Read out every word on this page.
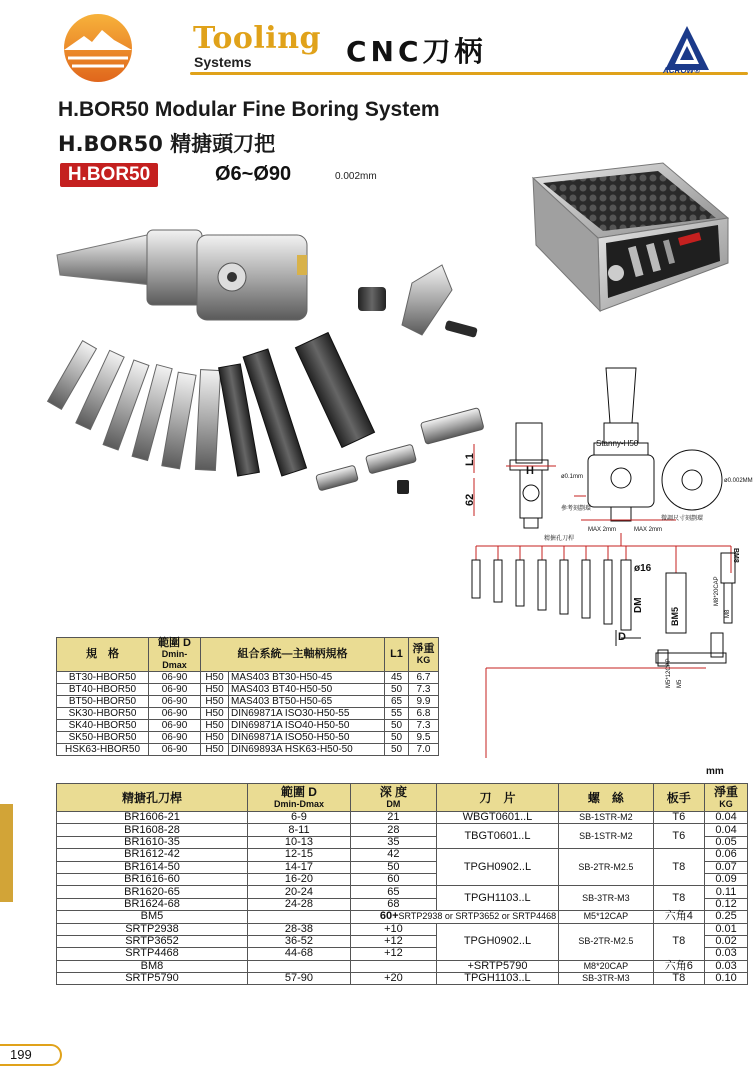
Tooling
Systems	CNC刀柄
ACROW®
H.BOR50 Modular Fine Boring System
H.BOR50 精搪頭刀把
H.BOR50	Ø6~Ø90	0.002mm
L1
H
62
Stanny-H50
ø0.1mm
參考刻劃環
微調尺寸刻劃環
ø0.002MM
MAX 2mm	MAX 2mm
精搪孔刀桿
ø16
DM
D
BM8
M8*20CAP
M8
BM5
M5*12CAP M5
mm
規　格	範圍 D
Dmin-Dmax	組合系統—主軸柄規格		L1	淨重
KG

BT30-HBOR50	06-90	H50	MAS403 BT30-H50-45	45	6.7
BT40-HBOR50	06-90	H50	MAS403 BT40-H50-50	50	7.3
BT50-HBOR50	06-90	H50	MAS403 BT50-H50-65	65	9.9
SK30-HBOR50	06-90	H50	DIN69871A ISO30-H50-55	55	6.8
SK40-HBOR50	06-90	H50	DIN69871A ISO40-H50-50	50	7.3
SK50-HBOR50	06-90	H50	DIN69871A ISO50-H50-50	50	9.5
HSK63-HBOR50	06-90	H50	DIN69893A HSK63-H50-50	50	7.0
精搪孔刀桿	範圍 D
Dmin-Dmax	深 度
DM	刀　片	螺　絲	板手	淨重
KG

BR1606-21	6-9	21	WBGT0601..L	SB-1STR-M2	T6	0.04
BR1608-28	8-11	28	TBGT0601..L	SB-1STR-M2	T6	0.04
BR1610-35	10-13	35				0.05
BR1612-42	12-15	42	TPGH0902..L	SB-2TR-M2.5	T8	0.06
BR1614-50	14-17	50				0.07
BR1616-60	16-20	60				0.09
BR1620-65	20-24	65	TPGH1103..L	SB-3TR-M3	T8	0.11
BR1624-68	24-28	68				0.12
BM5		60+SRTP2938 or SRTP3652 or SRTP4468		M5*12CAP	六角4	0.25
SRTP2938	28-38	+10	TPGH0902..L	SB-2TR-M2.5	T8	0.01
SRTP3652	36-52	+12				0.02
SRTP4468	44-68	+12				0.03
BM8			+SRTP5790	M8*20CAP	六角6	0.03
SRTP5790	57-90	+20	TPGH1103..L	SB-3TR-M3	T8	0.10
199
